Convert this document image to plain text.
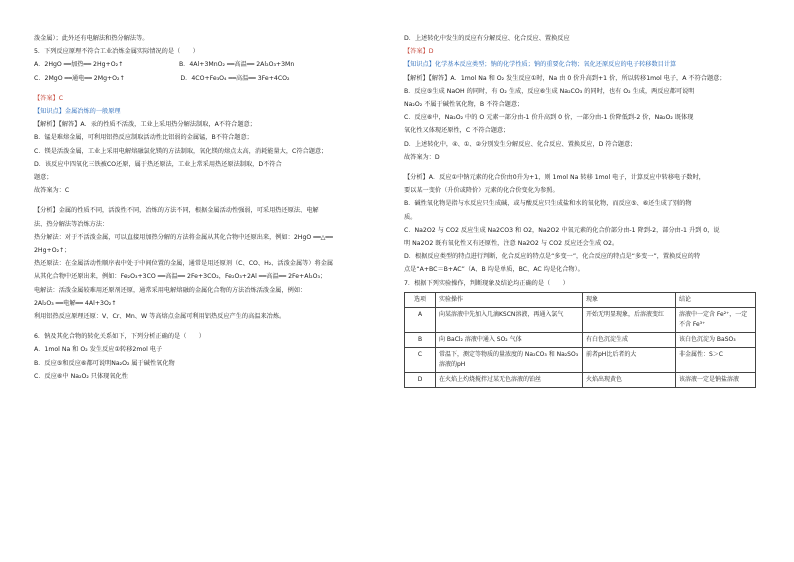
泼金属）；此外还有电解法和热分解法等。
5．下列反应原理不符合工业冶炼金属实际情况的是（　　）
A．2HgO ══加热══ 2Hg+O₂↑　　　　　　　　　B．4Al+3MnO₂ ══高温══ 2Al₂O₃+3Mn
C．2MgO ══通电══ 2Mg+O₂↑　　　　　　　　　D．4CO+Fe₃O₄ ══高温══ 3Fe+4CO₂
【答案】C
【知识点】金属冶炼的一般原理
【解析】【解答】A．汞的性质不活泼，工业上采用热分解法制取，A不符合题意；
B．锰是难熔金属，可利用铝热反应制取活动性比铝弱的金属锰，B不符合题意；
C．镁是活泼金属，工业上采用电解熔融氯化镁的方法制取，氧化镁的熔点太高，消耗能量大，C符合题意；
D．该反应中四氧化三铁被CO还原，属于热还原法，工业上常采用热还原法制取，D不符合
题意；
故答案为：C
【分析】金属的性质不同，活泼性不同，冶炼的方法不同，根据金属活动性强弱，可采用热还原法、电解
法、热分解法等冶炼方法：
热分解法：对于不活泼金属，可以直接用加热分解的方法将金属从其化合物中还原出来，例如：2HgO ══△══
2Hg+O₂↑；
热还原法：在金属活动性顺序表中处于中间位置的金属，通常是用还原剂（C、CO、H₂、活泼金属等）将金属
从其化合物中还原出来，例如：Fe₂O₃+3CO ══高温══ 2Fe+3CO₂，Fe₂O₃+2Al ══高温══ 2Fe+Al₂O₃；
电解法：活泼金属较难用还原剂还原，通常采用电解熔融的金属化合物的方法冶炼活泼金属，例如：
2Al₂O₃ ══电解══ 4Al+3O₂↑
利用铝热反应原理还原：V、Cr、Mn、W 等高熔点金属可利用铝热反应产生的高温来冶炼。
6．钠及其化合物的转化关系如下，下列分析正确的是（　　）
A．1mol Na 和 O₂ 发生反应①转移2mol 电子
B．反应⑤和反应⑥都可说明Na₂O₂ 属于碱性氧化物
C．反应⑥中 Na₂O₂ 只体现氧化性
D．上述转化中发生的反应有分解反应、化合反应、置换反应
【答案】D
【知识点】化学基本反应类型；钠的化学性质；钠的重要化合物；氧化还原反应的电子转移数目计算
【解析】【解答】A．1mol Na 和 O₂ 发生反应①时，Na 由 0 价升高到+1 价，所以转移1mol 电子，A 不符合题意；
B．反应⑤生成 NaOH 的同时，有 O₂ 生成，反应⑥生成 Na₂CO₃ 的同时，也有 O₂ 生成，两反应都可说明
Na₂O₂ 不属于碱性氧化物，B 不符合题意；
C．反应⑥中，Na₂O₂ 中的 O 元素一部分由-1 价升高到 0 价，一部分由-1 价降低到-2 价，Na₂O₂ 既体现
氧化性又体现还原性，C 不符合题意；
D．上述转化中，④、①、②分别发生分解反应、化合反应、置换反应，D 符合题意；
故答案为：D
【分析】A．反应①中钠元素的化合价由0升为+1，则 1mol Na 转移 1mol 电子，计算反应中转移电子数时，
要以某一变价（升价或降价）元素的化合价变化为参照。
B．碱性氧化物是指与水反应只生成碱，或与酸反应只生成盐和水的氧化物，而反应⑤、⑥还生成了别的物
质。
C．Na2O2 与 CO2 反应生成 Na2CO3 和 O2，Na2O2 中氧元素的化合价部分由-1 降到-2，部分由-1 升到 0，说
明 Na2O2 既有氧化性又有还原性，注意 Na2O2 与 CO2 反应还会生成 O2。
D．根据反应类型的特点进行判断，化合反应的特点是“多变一”，化合反应的特点是“多变一”，置换反应的特
点是“A+BC＝B+AC”（A、B 均是单质，BC、AC 均是化合物）。
7．根据下列实验操作，判断现象及结论均正确的是（　　）
选项	实验操作	现象	结论
A	向某溶液中先加入几滴KSCN溶液，再通入氯气	开始无明显现象，后溶液变红	溶液中一定含 Fe²⁺，一定不含 Fe³⁺
B	向 BaCl₂ 溶液中通入 SO₂ 气体	有白色沉淀生成	该白色沉淀为 BaSO₃
C	常温下，测定等物质的量浓度的 Na₂CO₃ 和 Na₂SO₃ 溶液的pH	前者pH比后者的大	非金属性：S＞C
D	在火焰上灼烧搅拌过某无色溶液的铂丝	火焰出现黄色	该溶液一定是钠盐溶液
